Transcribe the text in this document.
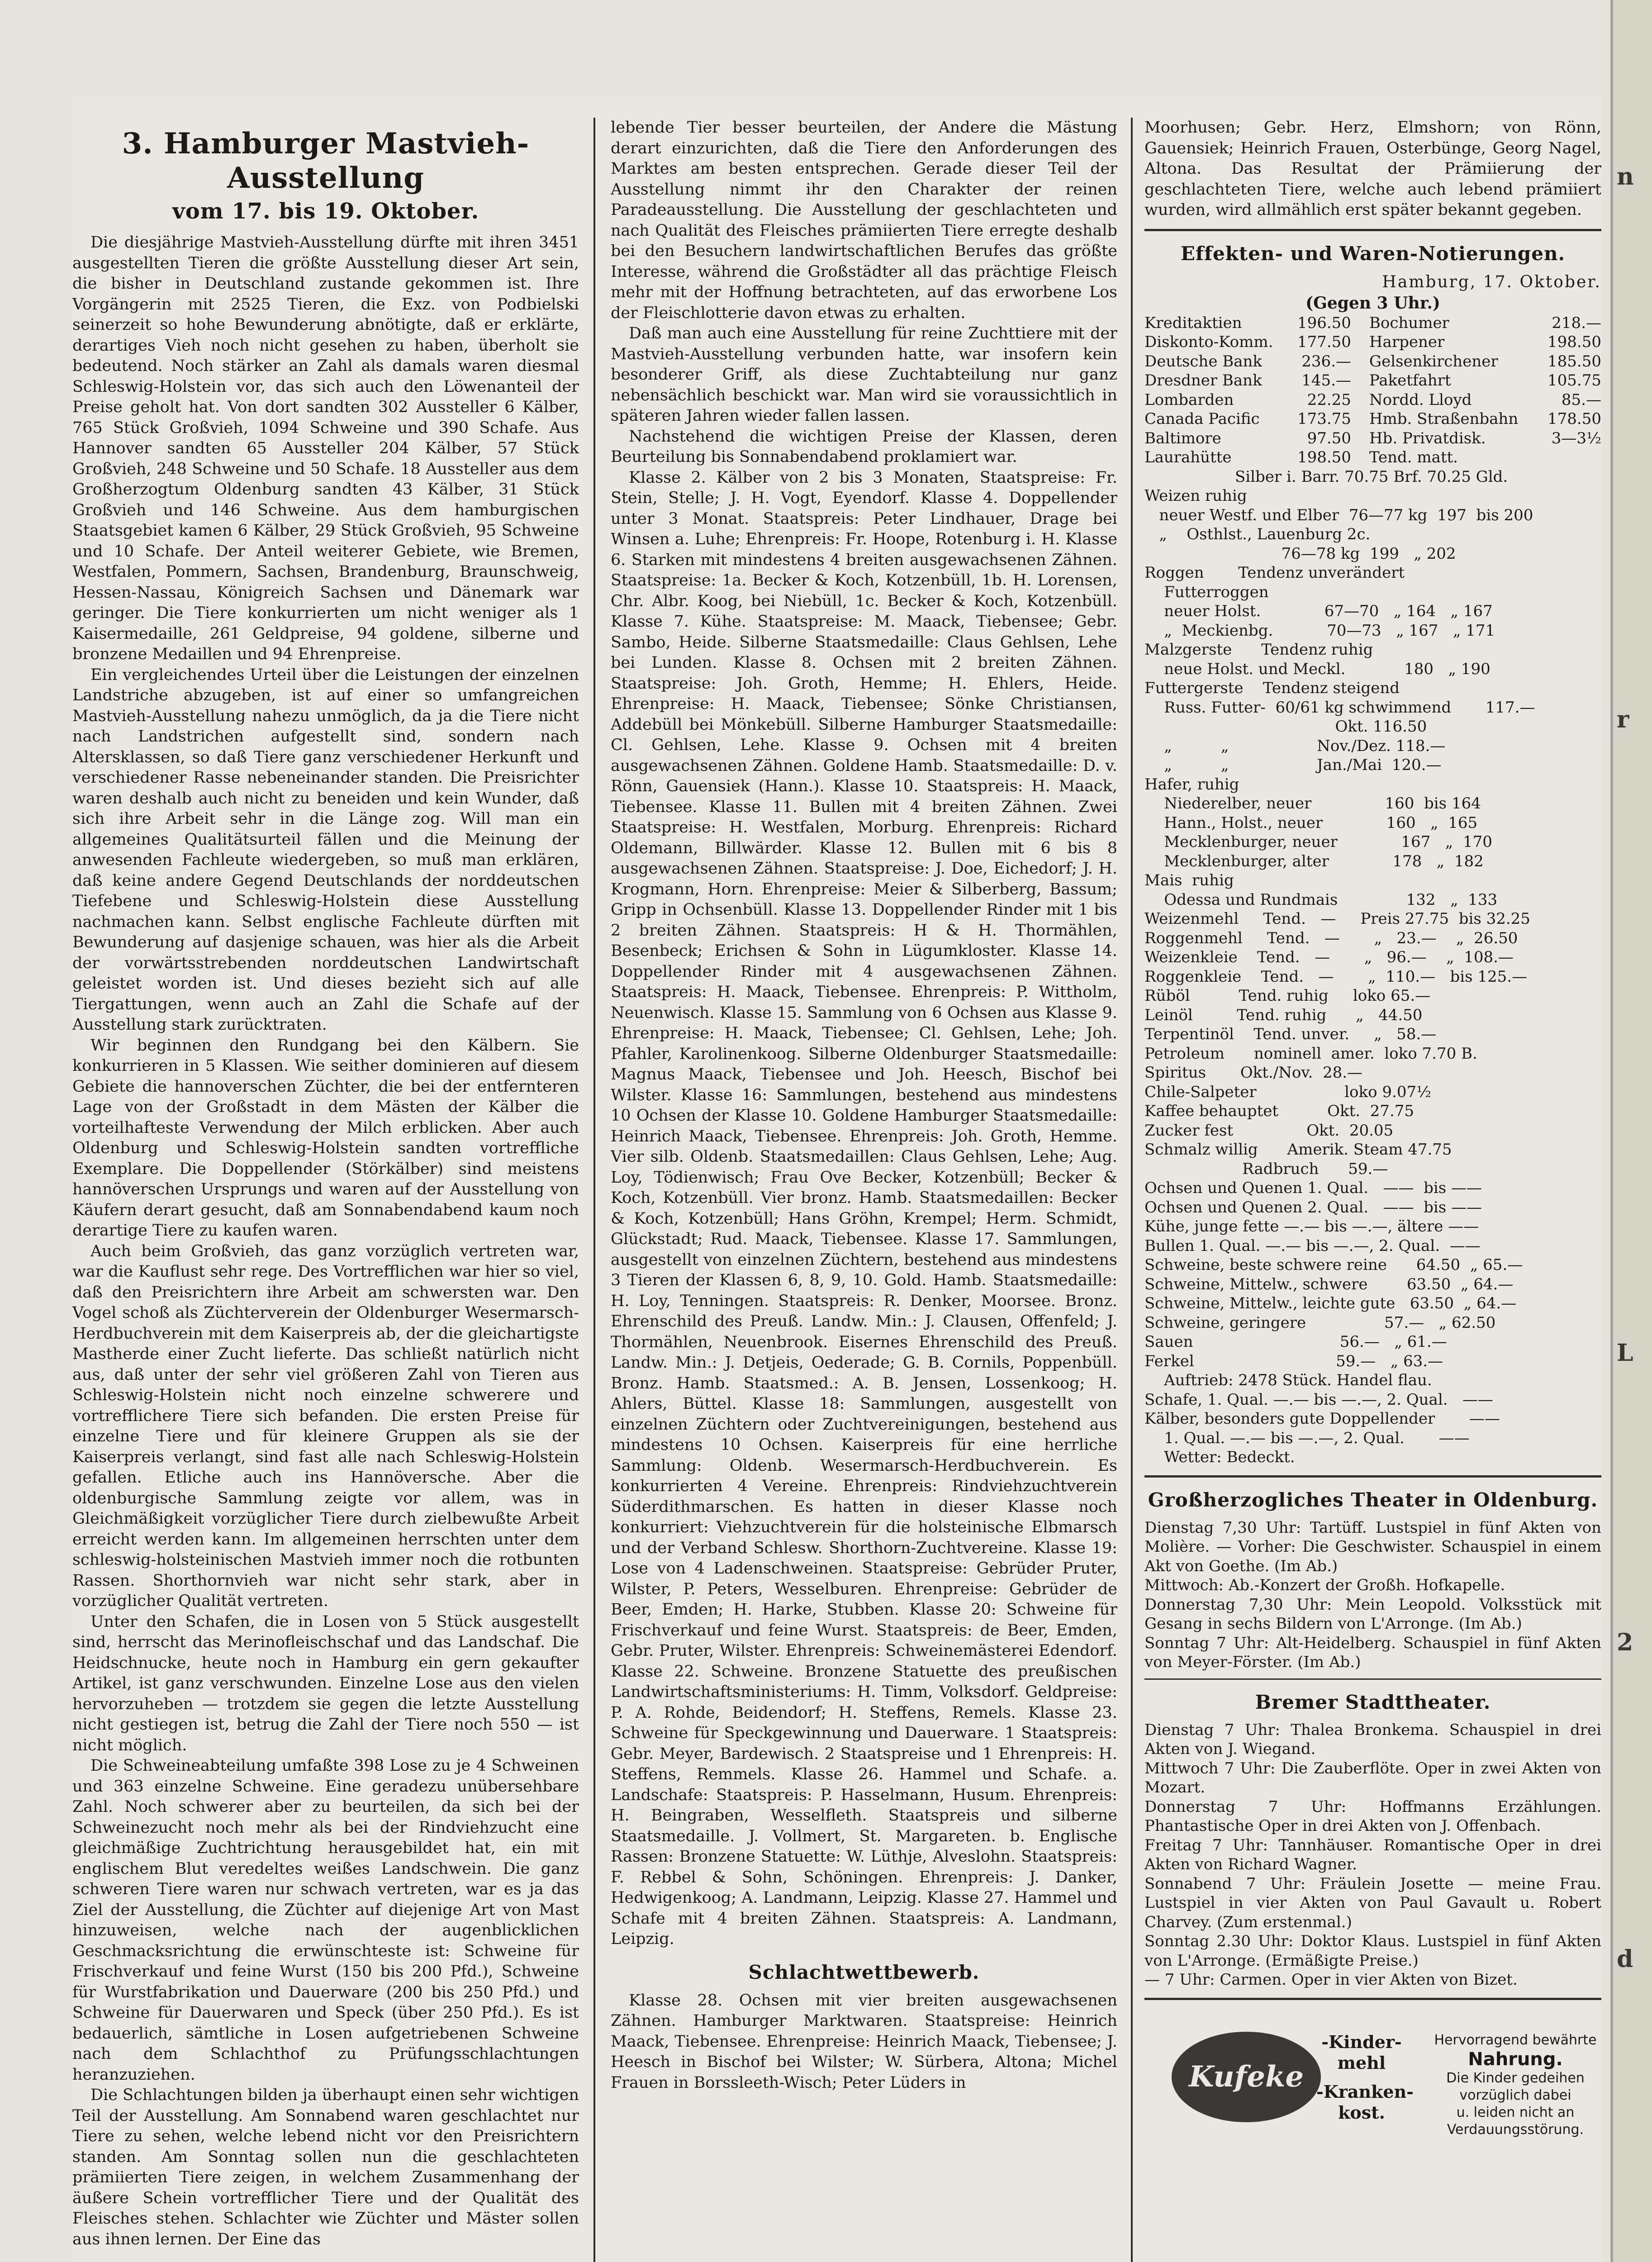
3. Hamburger Mastvieh-Ausstellung
vom 17. bis 19. Oktober.

Die diesjährige Mastvieh-Ausstellung dürfte mit ihren 3451 ausgestellten Tieren die größte Ausstellung dieser Art sein, die bisher in Deutschland zustande gekommen ist. Ihre Vorgängerin mit 2525 Tieren, die Exz. von Podbielski seinerzeit so hohe Bewunderung abnötigte, daß er erklärte, derartiges Vieh noch nicht gesehen zu haben, überholt sie bedeutend. Noch stärker an Zahl als damals waren diesmal Schleswig-Holstein vor, das sich auch den Löwenanteil der Preise geholt hat. Von dort sandten 302 Aussteller 6 Kälber, 765 Stück Großvieh, 1094 Schweine und 390 Schafe. Aus Hannover sandten 65 Aussteller 204 Kälber, 57 Stück Großvieh, 248 Schweine und 50 Schafe. 18 Aussteller aus dem Großherzogtum Oldenburg sandten 43 Kälber, 31 Stück Großvieh und 146 Schweine. Aus dem hamburgischen Staatsgebiet kamen 6 Kälber, 29 Stück Großvieh, 95 Schweine und 10 Schafe. Der Anteil weiterer Gebiete, wie Bremen, Westfalen, Pommern, Sachsen, Brandenburg, Braunschweig, Hessen-Nassau, Königreich Sachsen und Dänemark war geringer. Die Tiere konkurrierten um nicht weniger als 1 Kaisermedaille, 261 Geldpreise, 94 goldene, silberne und bronzene Medaillen und 94 Ehrenpreise.

Ein vergleichendes Urteil über die Leistungen der einzelnen Landstriche abzugeben, ist auf einer so umfangreichen Mastvieh-Ausstellung nahezu unmöglich, da ja die Tiere nicht nach Landstrichen aufgestellt sind, sondern nach Altersklassen, so daß Tiere ganz verschiedener Herkunft und verschiedener Rasse nebeneinander standen. Die Preisrichter waren deshalb auch nicht zu beneiden und kein Wunder, daß sich ihre Arbeit sehr in die Länge zog. Will man ein allgemeines Qualitätsurteil fällen und die Meinung der anwesenden Fachleute wiedergeben, so muß man erklären, daß keine andere Gegend Deutschlands der norddeutschen Tiefebene und Schleswig-Holstein diese Ausstellung nachmachen kann. Selbst englische Fachleute dürften mit Bewunderung auf dasjenige schauen, was hier als die Arbeit der vorwärtsstrebenden norddeutschen Landwirtschaft geleistet worden ist. Und dieses bezieht sich auf alle Tiergattungen, wenn auch an Zahl die Schafe auf der Ausstellung stark zurücktraten.

Wir beginnen den Rundgang bei den Kälbern. Sie konkurrieren in 5 Klassen. Wie seither dominieren auf diesem Gebiete die hannoverschen Züchter, die bei der entfernteren Lage von der Großstadt in dem Mästen der Kälber die vorteilhafteste Verwendung der Milch erblicken. Aber auch Oldenburg und Schleswig-Holstein sandten vortreffliche Exemplare. Die Doppellender (Störkälber) sind meistens hannöverschen Ursprungs und waren auf der Ausstellung von Käufern derart gesucht, daß am Sonnabendabend kaum noch derartige Tiere zu kaufen waren.

Auch beim Großvieh, das ganz vorzüglich vertreten war, war die Kauflust sehr rege. Des Vortrefflichen war hier so viel, daß den Preisrichtern ihre Arbeit am schwersten war. Den Vogel schoß als Züchterverein der Oldenburger Wesermarsch-Herdbuchverein mit dem Kaiserpreis ab, der die gleichartigste Mastherde einer Zucht lieferte. Das schließt natürlich nicht aus, daß unter der sehr viel größeren Zahl von Tieren aus Schleswig-Holstein nicht noch einzelne schwerere und vortrefflichere Tiere sich befanden. Die ersten Preise für einzelne Tiere und für kleinere Gruppen als sie der Kaiserpreis verlangt, sind fast alle nach Schleswig-Holstein gefallen. Etliche auch ins Hannöversche. Aber die oldenburgische Sammlung zeigte vor allem, was in Gleichmäßigkeit vorzüglicher Tiere durch zielbewußte Arbeit erreicht werden kann. Im allgemeinen herrschten unter dem schleswig-holsteinischen Mastvieh immer noch die rotbunten Rassen. Shorthornvieh war nicht sehr stark, aber in vorzüglicher Qualität vertreten.

Unter den Schafen, die in Losen von 5 Stück ausgestellt sind, herrscht das Merinofleischschaf und das Landschaf. Die Heidschnucke, heute noch in Hamburg ein gern gekaufter Artikel, ist ganz verschwunden. Einzelne Lose aus den vielen hervorzuheben — trotzdem sie gegen die letzte Ausstellung nicht gestiegen ist, betrug die Zahl der Tiere noch 550 — ist nicht möglich.

Die Schweineabteilung umfaßte 398 Lose zu je 4 Schweinen und 363 einzelne Schweine. Eine geradezu unübersehbare Zahl. Noch schwerer aber zu beurteilen, da sich bei der Schweinezucht noch mehr als bei der Rindviehzucht eine gleichmäßige Zuchtrichtung herausgebildet hat, ein mit englischem Blut veredeltes weißes Landschwein. Die ganz schweren Tiere waren nur schwach vertreten, war es ja das Ziel der Ausstellung, die Züchter auf diejenige Art von Mast hinzuweisen, welche nach der augenblicklichen Geschmacksrichtung die erwünschteste ist: Schweine für Frischverkauf und feine Wurst (150 bis 200 Pfd.), Schweine für Wurstfabrikation und Dauerware (200 bis 250 Pfd.) und Schweine für Dauerwaren und Speck (über 250 Pfd.). Es ist bedauerlich, sämtliche in Losen aufgetriebenen Schweine nach dem Schlachthof zu Prüfungsschlachtungen heranzuziehen.

Die Schlachtungen bilden ja überhaupt einen sehr wichtigen Teil der Ausstellung. Am Sonnabend waren geschlachtet nur Tiere zu sehen, welche lebend nicht vor den Preisrichtern standen. Am Sonntag sollen nun die geschlachteten prämiierten Tiere zeigen, in welchem Zusammenhang der äußere Schein vortrefflicher Tiere und der Qualität des Fleisches stehen. Schlachter wie Züchter und Mäster sollen aus ihnen lernen. Der Eine das

lebende Tier besser beurteilen, der Andere die Mästung derart einzurichten, daß die Tiere den Anforderungen des Marktes am besten entsprechen. Gerade dieser Teil der Ausstellung nimmt ihr den Charakter der reinen Paradeausstellung. Die Ausstellung der geschlachteten und nach Qualität des Fleisches prämiierten Tiere erregte deshalb bei den Besuchern landwirtschaftlichen Berufes das größte Interesse, während die Großstädter all das prächtige Fleisch mehr mit der Hoffnung betrachteten, auf das erworbene Los der Fleischlotterie davon etwas zu erhalten.

Daß man auch eine Ausstellung für reine Zuchttiere mit der Mastvieh-Ausstellung verbunden hatte, war insofern kein besonderer Griff, als diese Zuchtabteilung nur ganz nebensächlich beschickt war. Man wird sie voraussichtlich in späteren Jahren wieder fallen lassen.

Nachstehend die wichtigen Preise der Klassen, deren Beurteilung bis Sonnabendabend proklamiert war.

Klasse 2. Kälber von 2 bis 3 Monaten, Staatspreise: Fr. Stein, Stelle; J. H. Vogt, Eyendorf. Klasse 4. Doppellender unter 3 Monat. Staatspreis: Peter Lindhauer, Drage bei Winsen a. Luhe; Ehrenpreis: Fr. Hoope, Rotenburg i. H. Klasse 6. Starken mit mindestens 4 breiten ausgewachsenen Zähnen. Staatspreise: 1a. Becker & Koch, Kotzenbüll, 1b. H. Lorensen, Chr. Albr. Koog, bei Niebüll, 1c. Becker & Koch, Kotzenbüll. Klasse 7. Kühe. Staatspreise: M. Maack, Tiebensee; Gebr. Sambo, Heide. Silberne Staatsmedaille: Claus Gehlsen, Lehe bei Lunden. Klasse 8. Ochsen mit 2 breiten Zähnen. Staatspreise: Joh. Groth, Hemme; H. Ehlers, Heide. Ehrenpreise: H. Maack, Tiebensee; Sönke Christiansen, Addebüll bei Mönkebüll. Silberne Hamburger Staatsmedaille: Cl. Gehlsen, Lehe. Klasse 9. Ochsen mit 4 breiten ausgewachsenen Zähnen. Goldene Hamb. Staatsmedaille: D. v. Rönn, Gauensiek (Hann.). Klasse 10. Staatspreis: H. Maack, Tiebensee. Klasse 11. Bullen mit 4 breiten Zähnen. Zwei Staatspreise: H. Westfalen, Morburg. Ehrenpreis: Richard Oldemann, Billwärder. Klasse 12. Bullen mit 6 bis 8 ausgewachsenen Zähnen. Staatspreise: J. Doe, Eichedorf; J. H. Krogmann, Horn. Ehrenpreise: Meier & Silberberg, Bassum; Gripp in Ochsenbüll. Klasse 13. Doppellender Rinder mit 1 bis 2 breiten Zähnen. Staatspreis: H & H. Thormählen, Besenbeck; Erichsen & Sohn in Lügumkloster. Klasse 14. Doppellender Rinder mit 4 ausgewachsenen Zähnen. Staatspreis: H. Maack, Tiebensee. Ehrenpreis: P. Wittholm, Neuenwisch. Klasse 15. Sammlung von 6 Ochsen aus Klasse 9. Ehrenpreise: H. Maack, Tiebensee; Cl. Gehlsen, Lehe; Joh. Pfahler, Karolinenkoog. Silberne Oldenburger Staatsmedaille: Magnus Maack, Tiebensee und Joh. Heesch, Bischof bei Wilster. Klasse 16: Sammlungen, bestehend aus mindestens 10 Ochsen der Klasse 10. Goldene Hamburger Staatsmedaille: Heinrich Maack, Tiebensee. Ehrenpreis: Joh. Groth, Hemme. Vier silb. Oldenb. Staatsmedaillen: Claus Gehlsen, Lehe; Aug. Loy, Tödienwisch; Frau Ove Becker, Kotzenbüll; Becker & Koch, Kotzenbüll. Vier bronz. Hamb. Staatsmedaillen: Becker & Koch, Kotzenbüll; Hans Gröhn, Krempel; Herm. Schmidt, Glückstadt; Rud. Maack, Tiebensee. Klasse 17. Sammlungen, ausgestellt von einzelnen Züchtern, bestehend aus mindestens 3 Tieren der Klassen 6, 8, 9, 10. Gold. Hamb. Staatsmedaille: H. Loy, Tenningen. Staatspreis: R. Denker, Moorsee. Bronz. Ehrenschild des Preuß. Landw. Min.: J. Clausen, Offenfeld; J. Thormählen, Neuenbrook. Eisernes Ehrenschild des Preuß. Landw. Min.: J. Detjeis, Oederade; G. B. Cornils, Poppenbüll. Bronz. Hamb. Staatsmed.: A. B. Jensen, Lossenkoog; H. Ahlers, Büttel. Klasse 18: Sammlungen, ausgestellt von einzelnen Züchtern oder Zuchtvereinigungen, bestehend aus mindestens 10 Ochsen. Kaiserpreis für eine herrliche Sammlung: Oldenb. Wesermarsch-Herdbuchverein. Es konkurrierten 4 Vereine. Ehrenpreis: Rindviehzuchtverein Süderdithmarschen. Es hatten in dieser Klasse noch konkurriert: Viehzuchtverein für die holsteinische Elbmarsch und der Verband Schlesw. Shorthorn-Zuchtvereine. Klasse 19: Lose von 4 Ladenschweinen. Staatspreise: Gebrüder Pruter, Wilster, P. Peters, Wesselburen. Ehrenpreise: Gebrüder de Beer, Emden; H. Harke, Stubben. Klasse 20: Schweine für Frischverkauf und feine Wurst. Staatspreis: de Beer, Emden, Gebr. Pruter, Wilster. Ehrenpreis: Schweinemästerei Edendorf. Klasse 22. Schweine. Bronzene Statuette des preußischen Landwirtschaftsministeriums: H. Timm, Volksdorf. Geldpreise: P. A. Rohde, Beidendorf; H. Steffens, Remels. Klasse 23. Schweine für Speckgewinnung und Dauerware. 1 Staatspreis: Gebr. Meyer, Bardewisch. 2 Staatspreise und 1 Ehrenpreis: H. Steffens, Remmels. Klasse 26. Hammel und Schafe. a. Landschafe: Staatspreis: P. Hasselmann, Husum. Ehrenpreis: H. Beingraben, Wesselfleth. Staatspreis und silberne Staatsmedaille. J. Vollmert, St. Margareten. b. Englische Rassen: Bronzene Statuette: W. Lüthje, Alveslohn. Staatspreis: F. Rebbel & Sohn, Schöningen. Ehrenpreis: J. Danker, Hedwigenkoog; A. Landmann, Leipzig. Klasse 27. Hammel und Schafe mit 4 breiten Zähnen. Staatspreis: A. Landmann, Leipzig.

Schlachtwettbewerb.

Klasse 28. Ochsen mit vier breiten ausgewachsenen Zähnen. Hamburger Marktwaren. Staatspreise: Heinrich Maack, Tiebensee. Ehrenpreise: Heinrich Maack, Tiebensee; J. Heesch in Bischof bei Wilster; W. Sürbera, Altona; Michel Frauen in Borssleeth-Wisch; Peter Lüders in

Moorhusen; Gebr. Herz, Elmshorn; von Rönn, Gauensiek; Heinrich Frauen, Osterbünge, Georg Nagel, Altona. Das Resultat der Prämiierung der geschlachteten Tiere, welche auch lebend prämiiert wurden, wird allmählich erst später bekannt gegeben.

Effekten- und Waren-Notierungen.
Hamburg, 17. Oktober.
(Gegen 3 Uhr.)
Kreditaktien	196.50	Bochumer	218.—
Diskonto-Komm.	177.50	Harpener	198.50
Deutsche Bank	236.—	Gelsenkirchener	185.50
Dresdner Bank	145.—	Paketfahrt	105.75
Lombarden	22.25	Nordd. Lloyd	85.—
Canada Pacific	173.75	Hmb. Straßenbahn	178.50
Baltimore	97.50	Hb. Privatdisk.	3—3½
Laurahütte	198.50	Tend. matt.	
Silber i. Barr. 70.75 Brf. 70.25 Gld.
Weizen ruhig
neuer Westf. und Elber  76—77 kg  197  bis 200
„    Osthlst., Lauenburg 2c.
76—78 kg  199   „ 202
Roggen       Tendenz unverändert
Futterroggen
neuer Holst.             67—70   „ 164   „ 167
„  Meckienbg.           70—73   „ 167   „ 171
Malzgerste      Tendenz ruhig
neue Holst. und Meckl.            180   „ 190
Futtergerste    Tendenz steigend
Russ. Futter-  60/61 kg schwimmend       117.—
Okt. 116.50
„          „                  Nov./Dez. 118.—
„          „                  Jan./Mai  120.—
Hafer, ruhig
Niederelber, neuer               160  bis 164
Hann., Holst., neuer             160   „  165
Mecklenburger, neuer             167   „  170
Mecklenburger, alter             178   „  182
Mais  ruhig
Odessa und Rundmais              132   „  133
Weizenmehl     Tend.   —     Preis 27.75  bis 32.25
Roggenmehl     Tend.   —       „   23.—    „  26.50
Weizenkleie    Tend.   —       „   96.—    „  108.—
Roggenkleie    Tend.   —       „  110.—   bis 125.—
Rüböl          Tend. ruhig     loko 65.—
Leinöl         Tend. ruhig      „   44.50
Terpentinöl    Tend. unver.     „   58.—
Petroleum      nominell  amer.  loko 7.70 B.
Spiritus       Okt./Nov.  28.—
Chile-Salpeter                  loko 9.07½
Kaffee behauptet          Okt.  27.75
Zucker fest               Okt.  20.05
Schmalz willig      Amerik. Steam 47.75
Radbruch      59.—
Ochsen und Quenen 1. Qual.   ——  bis ——
Ochsen und Quenen 2. Qual.   ——  bis ——
Kühe, junge fette —.— bis —.—, ältere ——
Bullen 1. Qual. —.— bis —.—, 2. Qual.  ——
Schweine, beste schwere reine      64.50  „ 65.—
Schweine, Mittelw., schwere        63.50  „ 64.—
Schweine, Mittelw., leichte gute   63.50  „ 64.—
Schweine, geringere                57.—   „ 62.50
Sauen                              56.—   „ 61.—
Ferkel                             59.—   „ 63.—
Auftrieb: 2478 Stück. Handel flau.
Schafe, 1. Qual. —.— bis —.—, 2. Qual.   ——
Kälber, besonders gute Doppellender       ——
1. Qual. —.— bis —.—, 2. Qual.       ——
Wetter: Bedeckt.
Großherzogliches Theater in Oldenburg.
Dienstag 7,30 Uhr: Tartüff. Lustspiel in fünf Akten von Molière. — Vorher: Die Geschwister. Schauspiel in einem Akt von Goethe. (Im Ab.)
Mittwoch: Ab.-Konzert der Großh. Hofkapelle.
Donnerstag 7,30 Uhr: Mein Leopold. Volksstück mit Gesang in sechs Bildern von L'Arronge. (Im Ab.)
Sonntag 7 Uhr: Alt-Heidelberg. Schauspiel in fünf Akten von Meyer-Förster. (Im Ab.)
Bremer Stadttheater.
Dienstag 7 Uhr: Thalea Bronkema. Schauspiel in drei Akten von J. Wiegand.
Mittwoch 7 Uhr: Die Zauberflöte. Oper in zwei Akten von Mozart.
Donnerstag 7 Uhr: Hoffmanns Erzählungen. Phantastische Oper in drei Akten von J. Offenbach.
Freitag 7 Uhr: Tannhäuser. Romantische Oper in drei Akten von Richard Wagner.
Sonnabend 7 Uhr: Fräulein Josette — meine Frau. Lustspiel in vier Akten von Paul Gavault u. Robert Charvey. (Zum erstenmal.)
Sonntag 2.30 Uhr: Doktor Klaus. Lustspiel in fünf Akten von L'Arronge. (Ermäßigte Preise.)
— 7 Uhr: Carmen. Oper in vier Akten von Bizet.
Kufeke
-Kinder-
mehl
-Kranken-
kost.
Hervorragend bewährte
Nahrung.
Die Kinder gedeihen
vorzüglich dabei
u. leiden nicht an
Verdauungsstörung.
n
r
L
2
d
